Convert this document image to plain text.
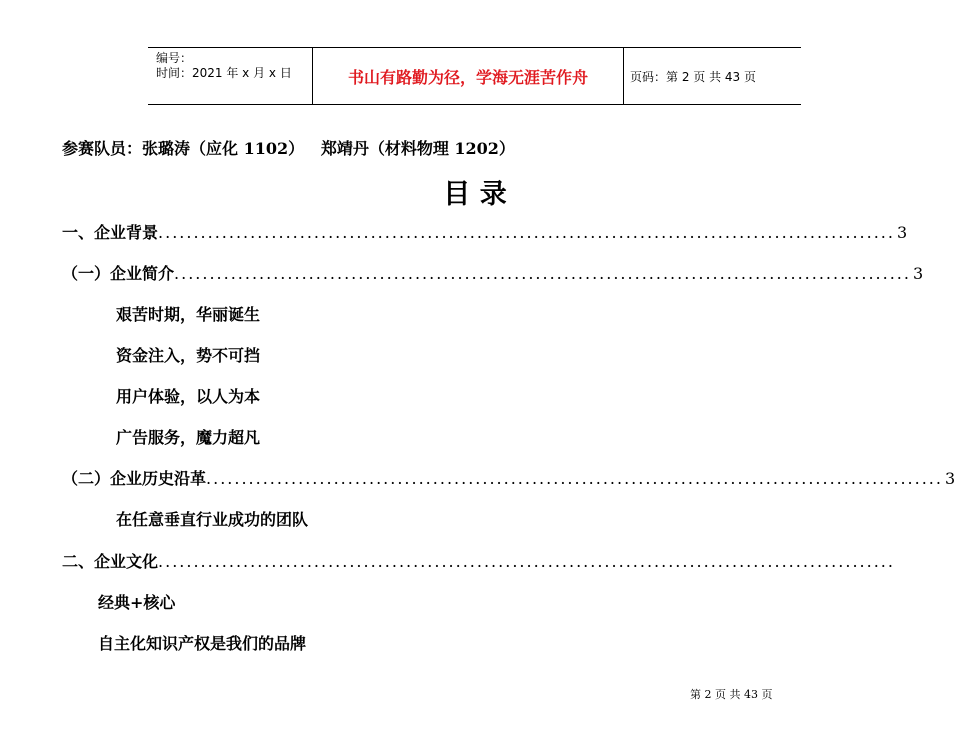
编号：
时间：2021 年 x 月 x 日	书山有路勤为径，学海无涯苦作舟	页码：第 2 页 共 43 页
参赛队员：张璐涛（应化 1102）   郑靖丹（材料物理 1202）
目 录
一、企业背景 ........................................................................................................ 3
（一）企业简介 ........................................................................................................ 3
艰苦时期，华丽诞生
资金注入，势不可挡
用户体验，以人为本
广告服务，魔力超凡
（二）企业历史沿革 ........................................................................................................ 3
在任意垂直行业成功的团队
二、企业文化 ........................................................................................................
经典+核心
自主化知识产权是我们的品牌
第 2 页 共 43 页
